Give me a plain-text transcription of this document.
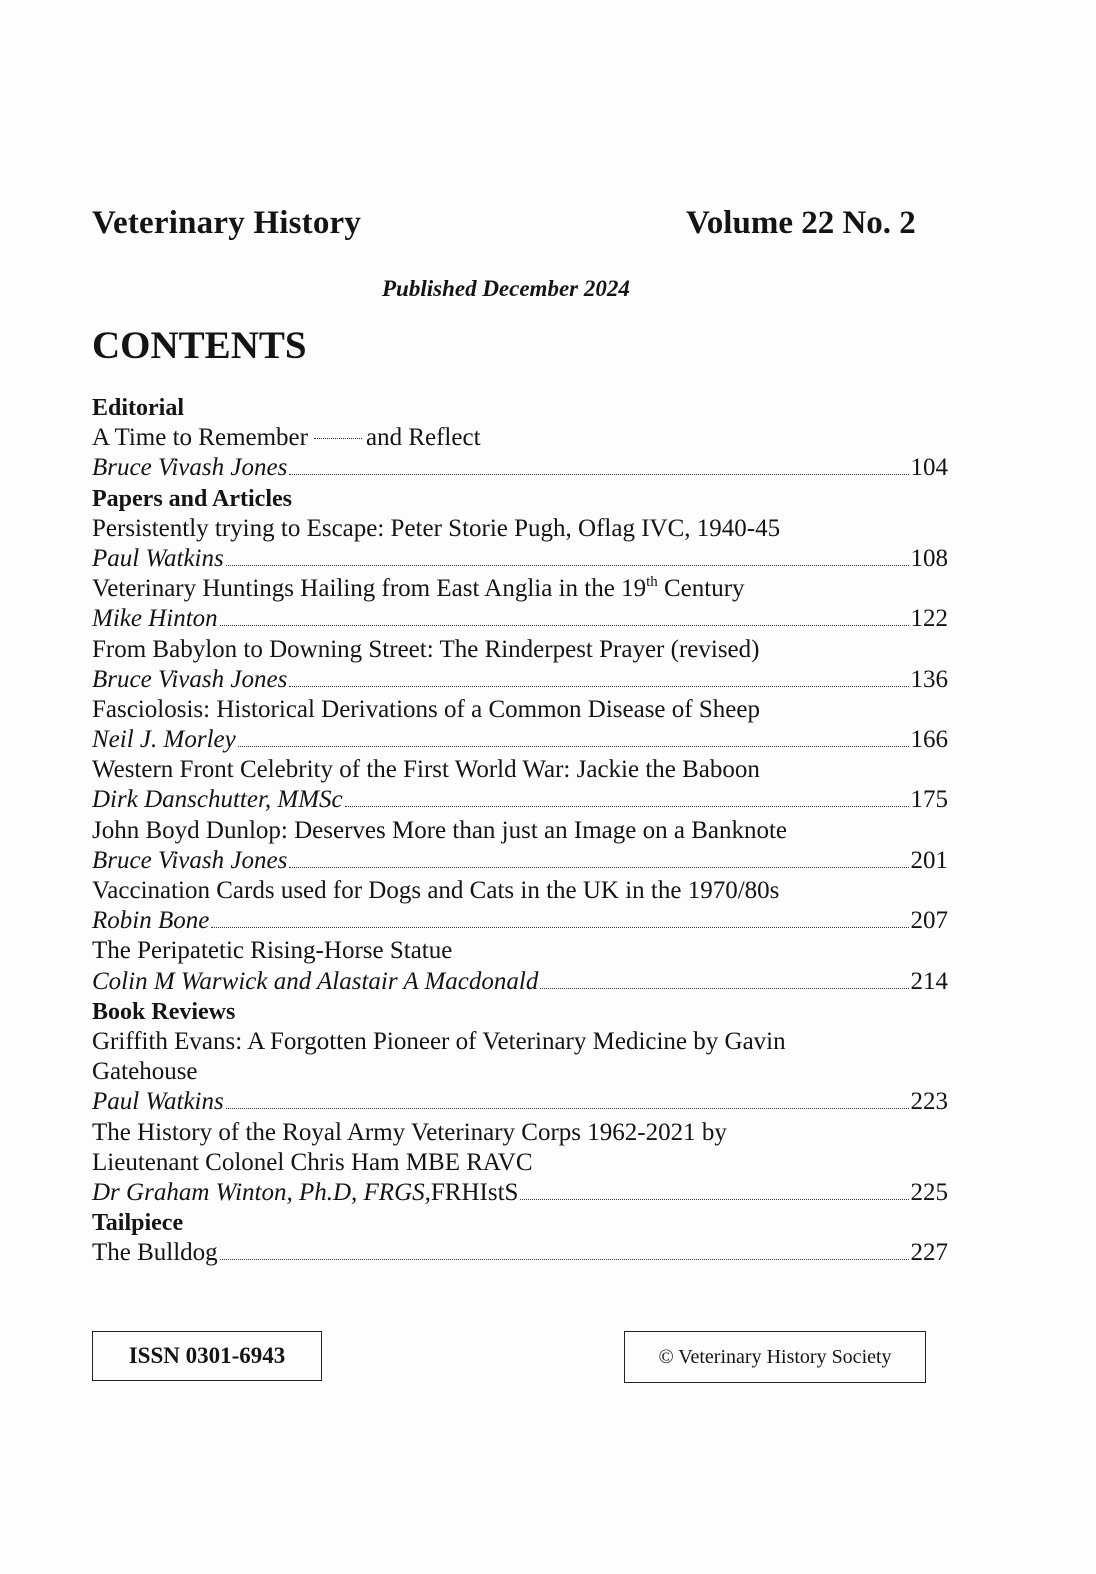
Veterinary History	Volume 22 No. 2
Published December 2024
CONTENTS
Editorial
A Time to Remember and Reflect
Bruce Vivash Jones	104
Papers and Articles
Persistently trying to Escape: Peter Storie Pugh, Oflag IVC, 1940-45
Paul Watkins	108
Veterinary Huntings Hailing from East Anglia in the 19th Century
Mike Hinton	122
From Babylon to Downing Street: The Rinderpest Prayer (revised)
Bruce Vivash Jones	136
Fasciolosis: Historical Derivations of a Common Disease of Sheep
Neil J. Morley	166
Western Front Celebrity of the First World War: Jackie the Baboon
Dirk Danschutter, MMSc	175
John Boyd Dunlop: Deserves More than just an Image on a Banknote
Bruce Vivash Jones	201
Vaccination Cards used for Dogs and Cats in the UK in the 1970/80s
Robin Bone	207
The Peripatetic Rising-Horse Statue
Colin M Warwick and Alastair A Macdonald	214
Book Reviews
Griffith Evans: A Forgotten Pioneer of Veterinary Medicine by Gavin
Gatehouse
Paul Watkins	223
The History of the Royal Army Veterinary Corps 1962-2021 by
Lieutenant Colonel Chris Ham MBE RAVC
Dr Graham Winton, Ph.D, FRGS, FRHIstS	225
Tailpiece
The Bulldog	227
ISSN 0301-6943	© Veterinary History Society
